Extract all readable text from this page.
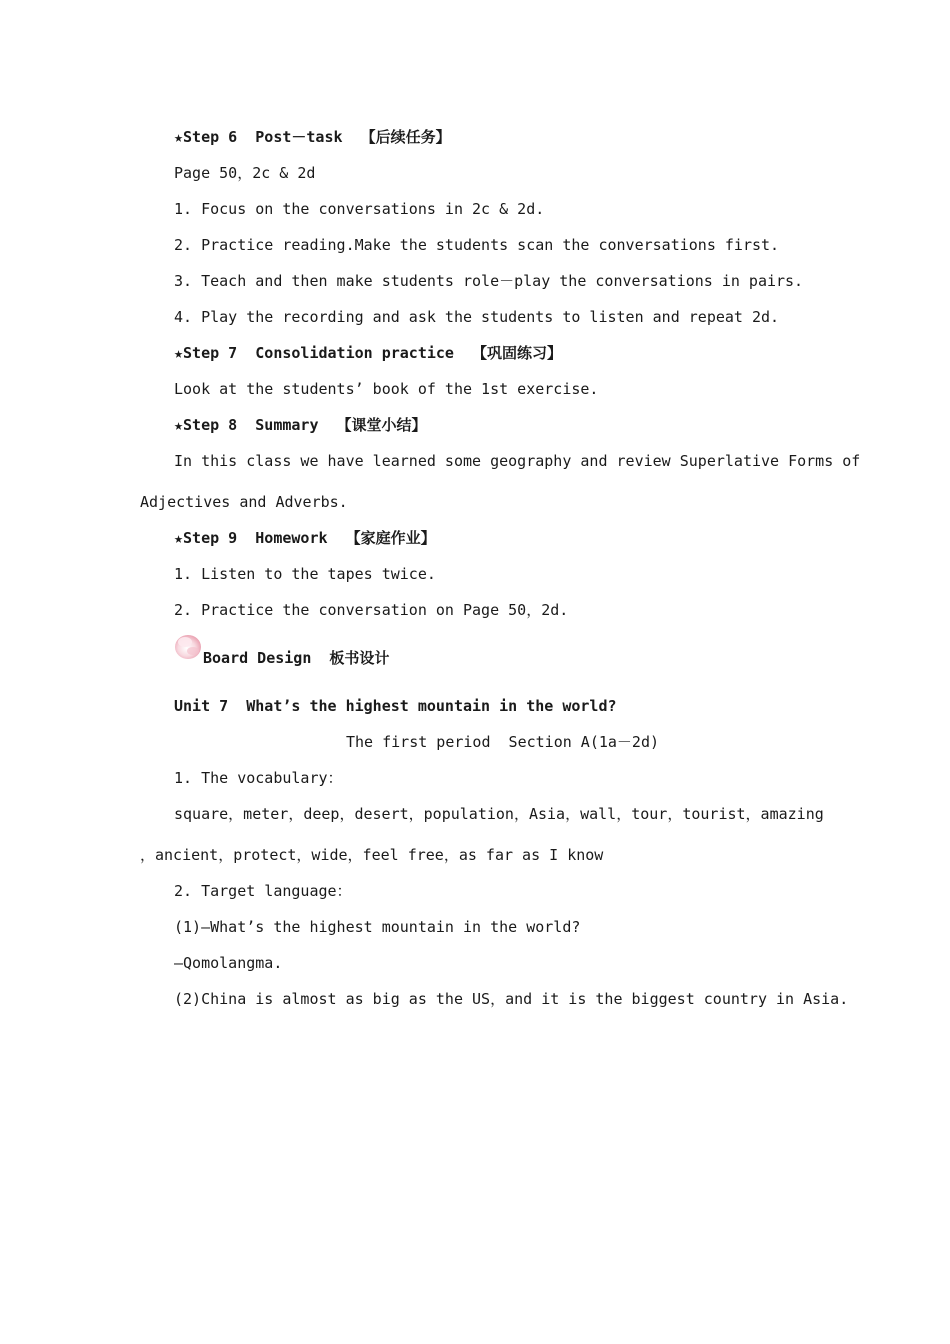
★Step 6  Post－task  【后续任务】
Page 50，2c & 2d
1. Focus on the conversations in 2c & 2d.
2. Practice reading.Make the students scan the conversations first.
3. Teach and then make students role－play the conversations in pairs.
4. Play the recording and ask the students to listen and repeat 2d.
★Step 7  Consolidation practice  【巩固练习】
Look at the students’ book of the 1st exercise.
★Step 8  Summary  【课堂小结】
In this class we have learned some geography and review Superlative Forms of
Adjectives and Adverbs.
★Step 9  Homework  【家庭作业】
1. Listen to the tapes twice.
2. Practice the conversation on Page 50，2d.
Board Design  板书设计
Unit 7  What’s the highest mountain in the world?
The first period  Section A(1a－2d)
1. The vocabulary：
square，meter，deep，desert，population，Asia，wall，tour，tourist，amazing
，ancient，protect，wide，feel free，as far as I know
2. Target language：
(1)—What’s the highest mountain in the world?
—Qomolangma.
(2)China is almost as big as the US，and it is the biggest country in Asia.
